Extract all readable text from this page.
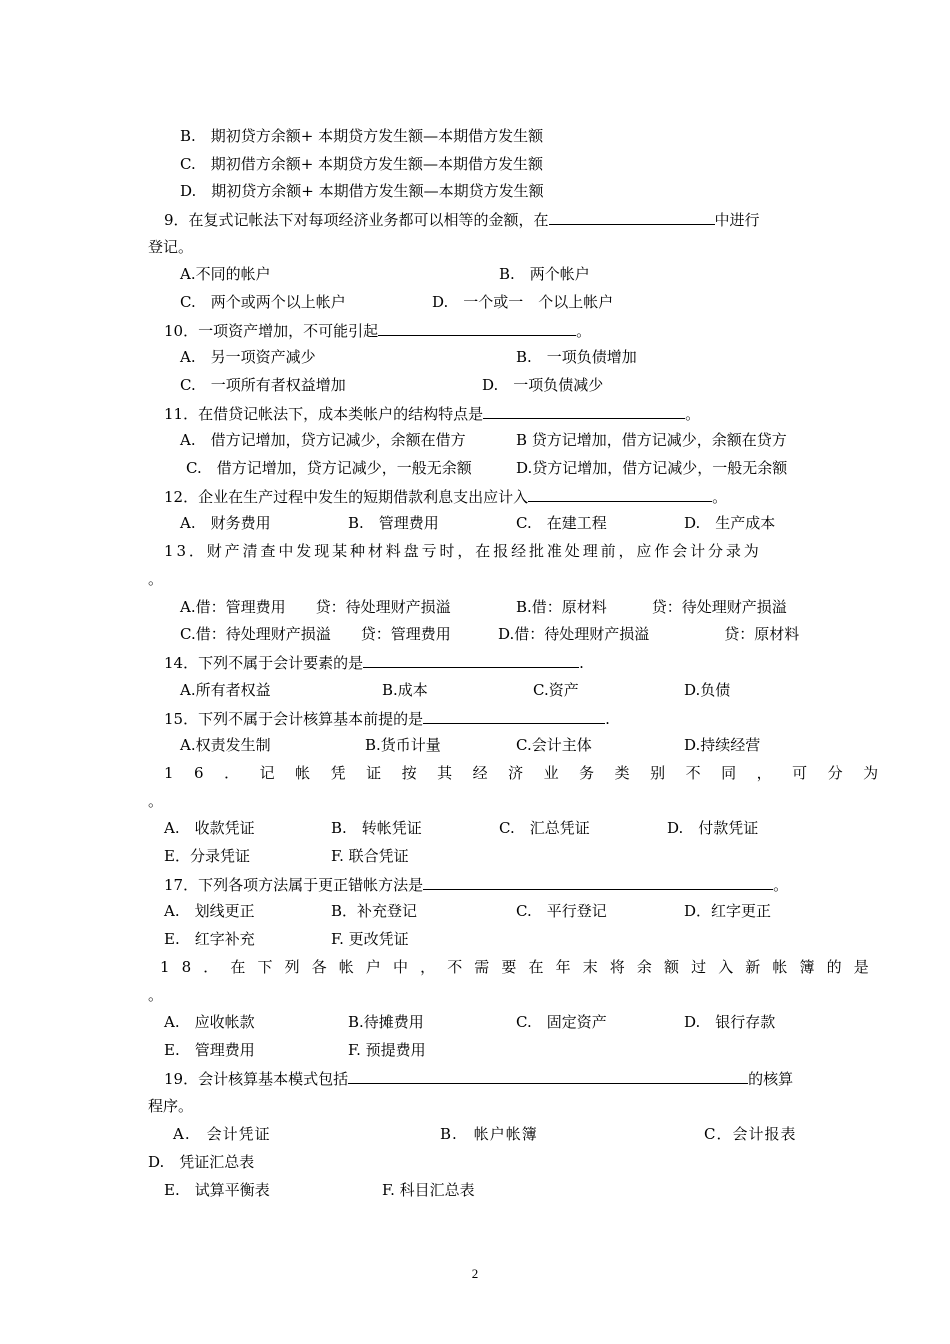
B.　期初贷方余额+ 本期贷方发生额—本期借方发生额
C.　期初借方余额+ 本期贷方发生额—本期借方发生额
D.　期初贷方余额+ 本期借方发生额—本期贷方发生额
9．在复式记帐法下对每项经济业务都可以相等的金额，在	中进行
登记。
A.不同的帐户	B.　两个帐户
C.　两个或两个以上帐户	D.　一个或一　个以上帐户
10．一项资产增加，不可能引起	。
A.　另一项资产减少	B.　一项负债增加
C.　一项所有者权益增加	D.　一项负债减少
11．在借贷记帐法下，成本类帐户的结构特点是	。
A.　借方记增加，贷方记减少，余额在借方	B 贷方记增加，借方记减少，余额在贷方
C.　借方记增加，贷方记减少，一般无余额	D.贷方记增加，借方记减少，一般无余额
12．企业在生产过程中发生的短期借款利息支出应计入	。
A.　财务费用	B.　管理费用	C.　在建工程	D.　生产成本
13．财产清查中发现某种材料盘亏时，在报经批准处理前，应作会计分录为
。
A.借：管理费用　　贷：待处理财产损溢	B.借：原材料　　　贷：待处理财产损溢
C.借：待处理财产损溢　　贷：管理费用	D.借：待处理财产损溢　　　　　贷：原材料
14．下列不属于会计要素的是	.
A.所有者权益	B.成本	C.资产	D.负债
15．下列不属于会计核算基本前提的是	.
A.权责发生制	B.货币计量	C.会计主体	D.持续经营
16．记帐凭证按其经济业务类别不同，可分为
。
A.　收款凭证	B.　转帐凭证	C.　汇总凭证	D.　付款凭证
E．分录凭证	F. 联合凭证
17．下列各项方法属于更正错帐方法是	。
A.　划线更正	B．补充登记	C.　平行登记	D．红字更正
E.　红字补充	F. 更改凭证
18．在下列各帐户中，不需要在年末将余额过入新帐簿的是
。
A.　应收帐款	B.待摊费用	C.　固定资产	D.　银行存款
E.　管理费用	F. 预提费用
19．会计核算基本模式包括	的核算
程序。
A.　会计凭证	B.　帐户帐簿	C．会计报表
D.　凭证汇总表
E.　试算平衡表	F. 科目汇总表
2
